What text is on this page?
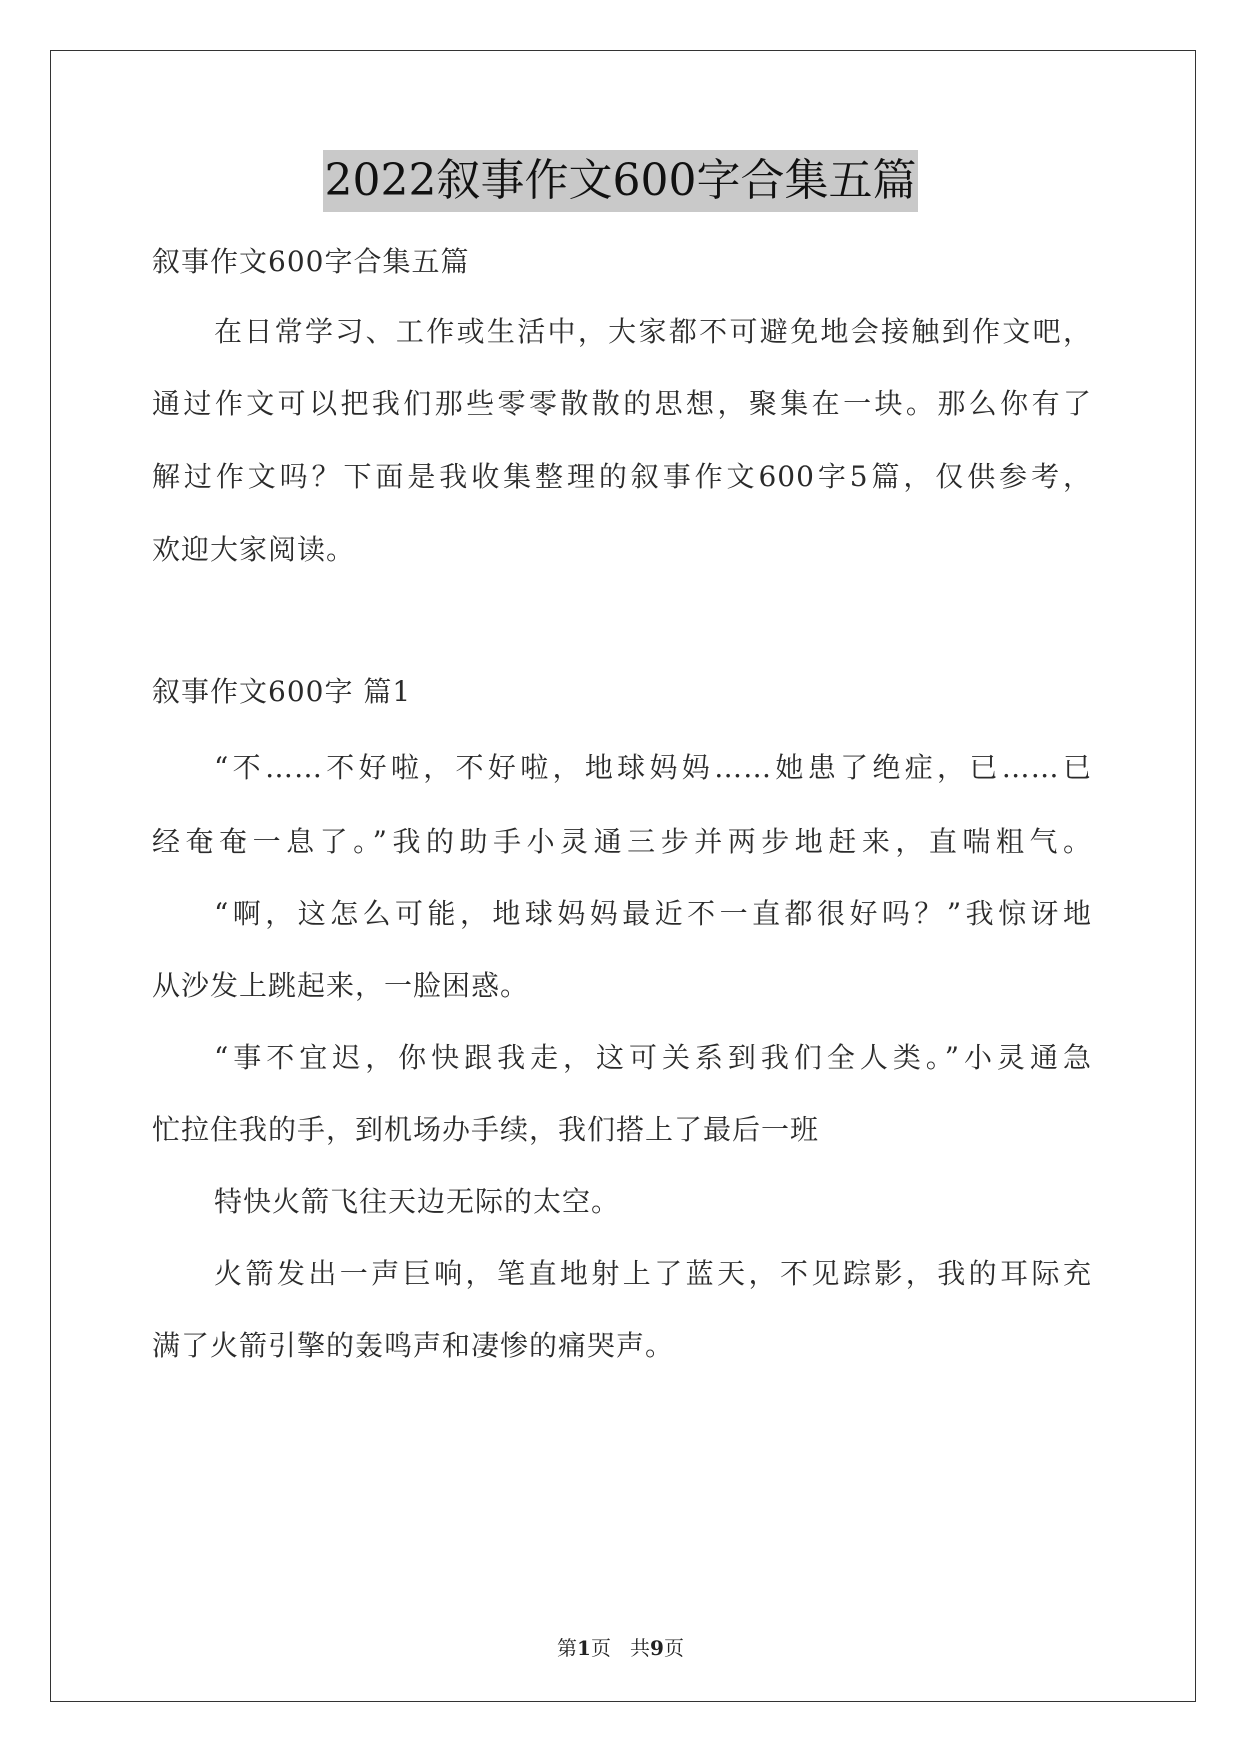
2022叙事作文600字合集五篇
叙事作文600字合集五篇
在日常学习、工作或生活中，大家都不可避免地会接触到作文吧，
通过作文可以把我们那些零零散散的思想，聚集在一块。那么你有了
解过作文吗？下面是我收集整理的叙事作文600字5篇，仅供参考，
欢迎大家阅读。
叙事作文600字 篇1
“不……不好啦，不好啦，地球妈妈……她患了绝症，已……已
经奄奄一息了。”我的助手小灵通三步并两步地赶来，直喘粗气。
“啊，这怎么可能，地球妈妈最近不一直都很好吗？”我惊讶地
从沙发上跳起来，一脸困惑。
“事不宜迟，你快跟我走，这可关系到我们全人类。”小灵通急
忙拉住我的手，到机场办手续，我们搭上了最后一班
特快火箭飞往天边无际的太空。
火箭发出一声巨响，笔直地射上了蓝天，不见踪影，我的耳际充
满了火箭引擎的轰鸣声和凄惨的痛哭声。
第1页   共9页
